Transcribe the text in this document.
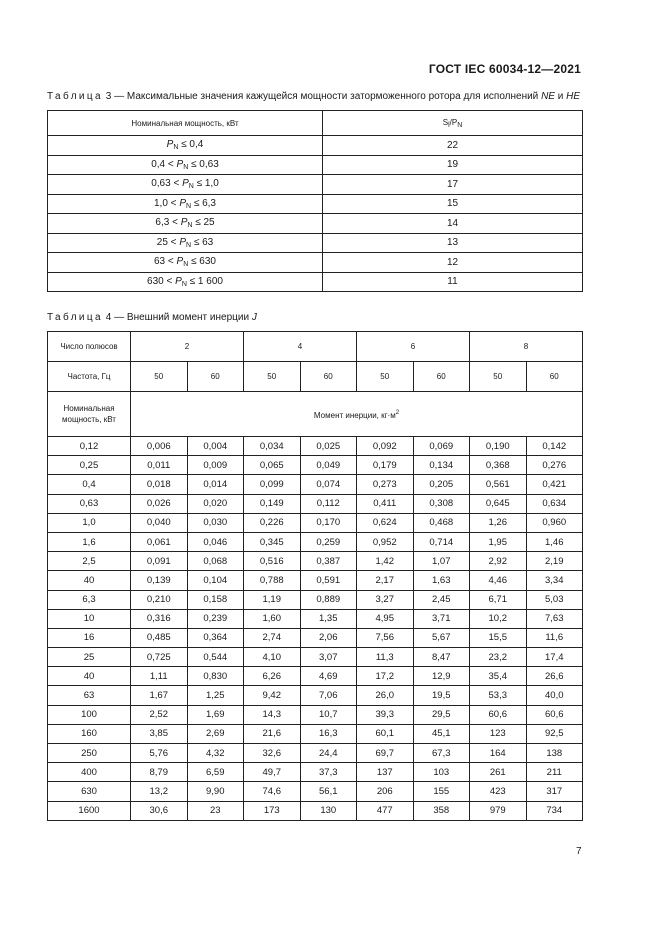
ГОСТ IEC 60034-12—2021
Таблица 3 — Максимальные значения кажущейся мощности заторможенного ротора для исполнений NE и HE
Номинальная мощность, кВт	Sl/PN
$P_N \le 0,4$	22
$0,4 < P_N \le 0,63$	19
$0,63 < P_N \le 1,0$	17
$1,0 < P_N \le 6,3$	15
$6,3 < P_N \le 25$	14
$25 < P_N \le 63$	13
$63 < P_N \le 630$	12
$630 < P_N \le 1$ 600	11
Таблица 4 — Внешний момент инерции J
Число полюсов	2		4		6		8	
Частота, Гц	50	60	50	60	50	60	50	60
Номинальная мощность, кВт	Момент инерции, $кг\cdot м^2$
0,12	0,006	0,004	0,034	0,025	0,092	0,069	0,190	0,142
0,25	0,011	0,009	0,065	0,049	0,179	0,134	0,368	0,276
0,4	0,018	0,014	0,099	0,074	0,273	0,205	0,561	0,421
0,63	0,026	0,020	0,149	0,112	0,411	0,308	0,645	0,634
1,0	0,040	0,030	0,226	0,170	0,624	0,468	1,26	0,960
1,6	0,061	0,046	0,345	0,259	0,952	0,714	1,95	1,46
2,5	0,091	0,068	0,516	0,387	1,42	1,07	2,92	2,19
40	0,139	0,104	0,788	0,591	2,17	1,63	4,46	3,34
6,3	0,210	0,158	1,19	0,889	3,27	2,45	6,71	5,03
10	0,316	0,239	1,60	1,35	4,95	3,71	10,2	7,63
16	0,485	0,364	2,74	2,06	7,56	5,67	15,5	11,6
25	0,725	0,544	4,10	3,07	11,3	8,47	23,2	17,4
40	1,11	0,830	6,26	4,69	17,2	12,9	35,4	26,6
63	1,67	1,25	9,42	7,06	26,0	19,5	53,3	40,0
100	2,52	1,69	14,3	10,7	39,3	29,5	60,6	60,6
160	3,85	2,69	21,6	16,3	60,1	45,1	123	92,5
250	5,76	4,32	32,6	24,4	69,7	67,3	164	138
400	8,79	6,59	49,7	37,3	137	103	261	211
630	13,2	9,90	74,6	56,1	206	155	423	317
1600	30,6	23	173	130	477	358	979	734
7
